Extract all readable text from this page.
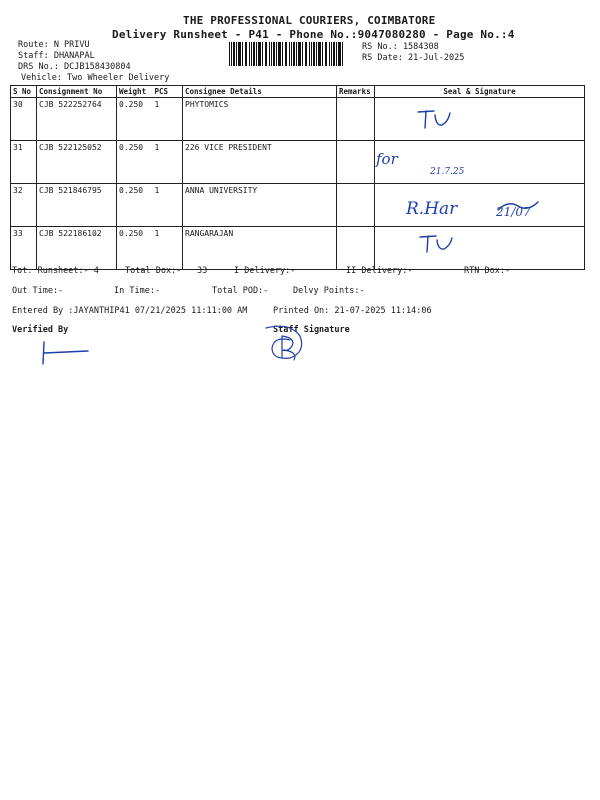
THE PROFESSIONAL COURIERS, COIMBATORE
Delivery Runsheet - P41 - Phone No.:9047080280 - Page No.:4
Route: N PRIVU
Staff: DHANAPAL
DRS No.: DCJB158430804
Vehicle: Two Wheeler Delivery
RS No.: 1584308
RS Date: 21-Jul-2025
S No	Consignment No	Weight	PCS	Consignee Details	Remarks	Seal & Signature
30	CJB 522252764	0.250	1	PHYTOMICS		
31	CJB 522125052	0.250	1	226 VICE PRESIDENT		
32	CJB 521846795	0.250	1	ANNA UNIVERSITY		
33	CJB 522186102	0.250	1	RANGARAJAN		
for
21.7.25
R.Har	21/07
Tot. Runsheet:- 4	Total Dox:- 33	I Delivery:-	II Delivery:-	RTN Dox:-
Out Time:-	In Time:-	Total POD:-	Delvy Points:-
Entered By :JAYANTHIP41 07/21/2025 11:11:00 AM	Printed On: 21-07-2025 11:14:06
Verified By	Staff Signature
